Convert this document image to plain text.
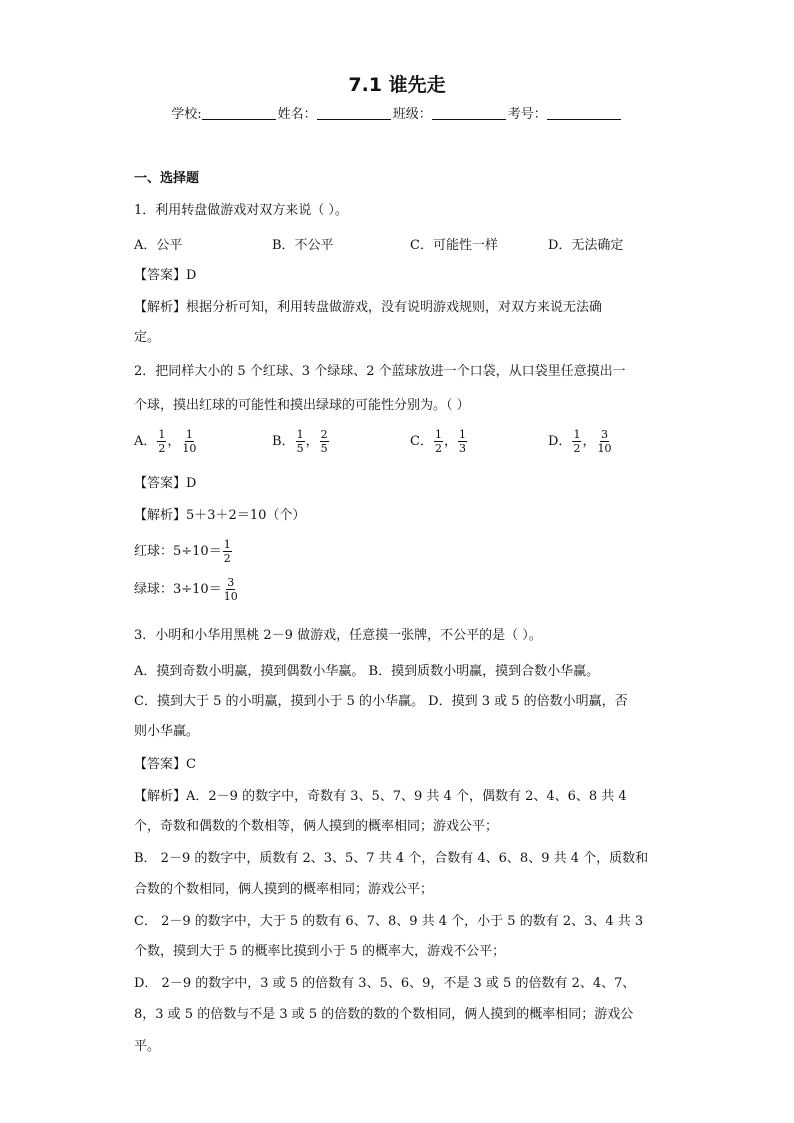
7.1 谁先走
学校:	姓名：	班级：	考号：
一、选择题
1．利用转盘做游戏对双方来说（ ）。
A．公平	B．不公平	C．可能性一样	D．无法确定
【答案】D
【解析】根据分析可知，利用转盘做游戏，没有说明游戏规则，对双方来说无法确
定。
2．把同样大小的 5 个红球、3 个绿球、2 个蓝球放进一个口袋，从口袋里任意摸出一
个球，摸出红球的可能性和摸出绿球的可能性分别为。（ ）
A． $\frac{1}{2}$ ， $\frac{1}{10}$	B． $\frac{1}{5}$ ， $\frac{2}{5}$	C． $\frac{1}{2}$ ， $\frac{1}{3}$	D． $\frac{1}{2}$ ， $\frac{3}{10}$
【答案】D
【解析】5＋3＋2＝10（个）
红球：$5\div 10= \frac{1}{2}$
绿球：$3\div 10= \frac{3}{10}$
3．小明和小华用黑桃 2－9 做游戏，任意摸一张牌，不公平的是（ ）。
A．摸到奇数小明赢，摸到偶数小华赢。 B．摸到质数小明赢，摸到合数小华赢。
C．摸到大于 5 的小明赢，摸到小于 5 的小华赢。 D．摸到 3 或 5 的倍数小明赢，否
则小华赢。
【答案】C
【解析】A．2－9 的数字中，奇数有 3、5、7、9 共 4 个，偶数有 2、4、6、8 共 4
个，奇数和偶数的个数相等，俩人摸到的概率相同；游戏公平；
B． 2－9 的数字中，质数有 2、3、5、7 共 4 个，合数有 4、6、8、9 共 4 个，质数和
合数的个数相同，俩人摸到的概率相同；游戏公平；
C． 2－9 的数字中，大于 5 的数有 6、7、8、9 共 4 个，小于 5 的数有 2、3、4 共 3
个数，摸到大于 5 的概率比摸到小于 5 的概率大，游戏不公平；
D． 2－9 的数字中，3 或 5 的倍数有 3、5、6、9，不是 3 或 5 的倍数有 2、4、7、
8，3 或 5 的倍数与不是 3 或 5 的倍数的数的个数相同，俩人摸到的概率相同；游戏公
平。
